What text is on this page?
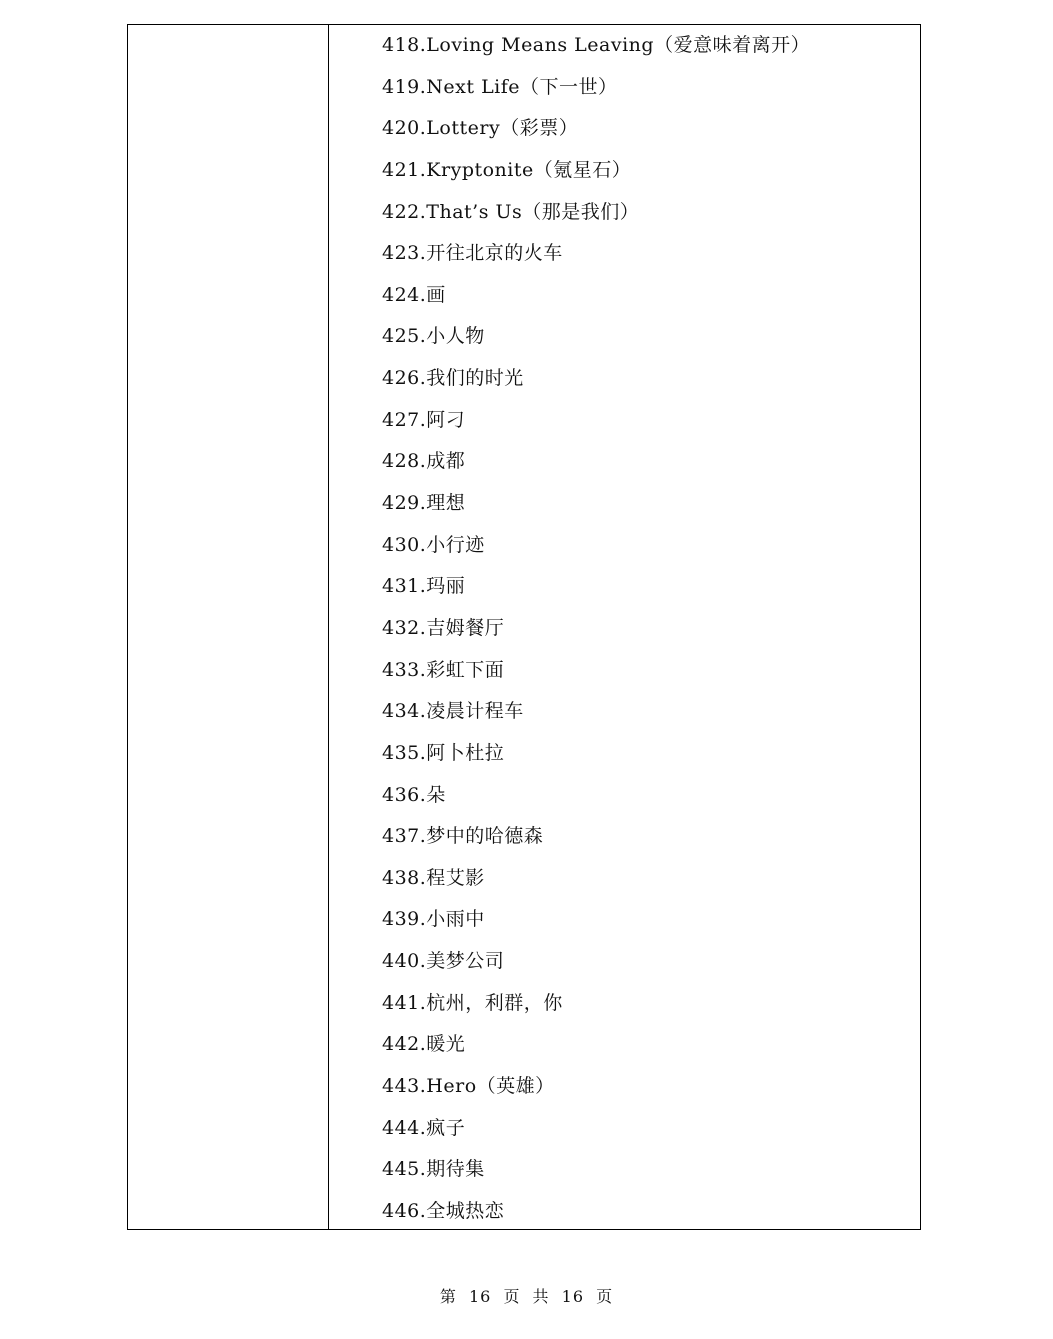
418.Loving Means Leaving（爱意味着离开）
419.Next Life（下一世）
420.Lottery（彩票）
421.Kryptonite（氪星石）
422.That’s Us（那是我们）
423.开往北京的火车
424.画
425.小人物
426.我们的时光
427.阿刁
428.成都
429.理想
430.小行迹
431.玛丽
432.吉姆餐厅
433.彩虹下面
434.凌晨计程车
435.阿卜杜拉
436.朵
437.梦中的哈德森
438.程艾影
439.小雨中
440.美梦公司
441.杭州，利群，你
442.暖光
443.Hero（英雄）
444.疯子
445.期待集
446.全城热恋
第 16 页 共 16 页
